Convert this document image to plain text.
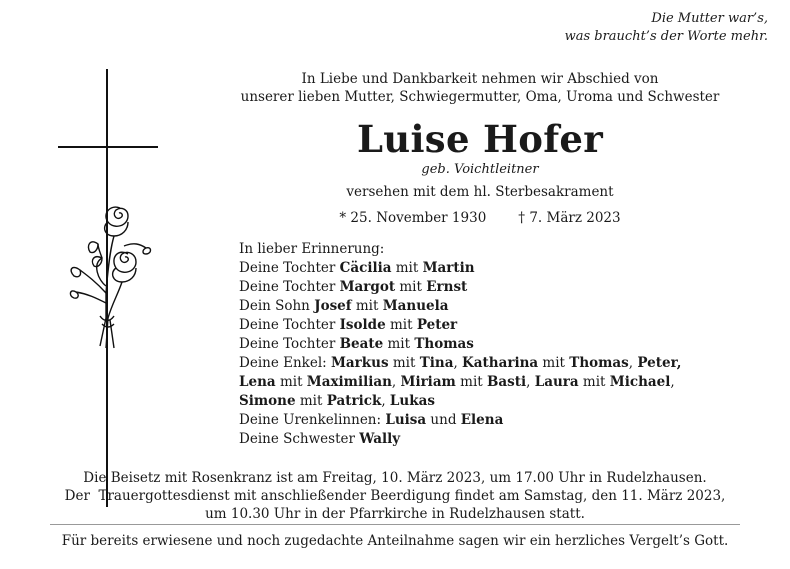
Die Mutter war’s,
was braucht’s der Worte mehr.
In Liebe und Dankbarkeit nehmen wir Abschied von
unserer lieben Mutter, Schwiegermutter, Oma, Uroma und Schwester
Luise Hofer
geb. Voichtleitner
versehen mit dem hl. Sterbesakrament
* 25. November 1930 † 7. März 2023
In lieber Erinnerung:
Deine Tochter Cäcilia mit Martin
Deine Tochter Margot mit Ernst
Dein Sohn Josef mit Manuela
Deine Tochter Isolde mit Peter
Deine Tochter Beate mit Thomas
Deine Enkel: Markus mit Tina, Katharina mit Thomas, Peter,
Lena mit Maximilian, Miriam mit Basti, Laura mit Michael,
Simone mit Patrick, Lukas
Deine Urenkelinnen: Luisa und Elena
Deine Schwester Wally
Die Beisetz mit Rosenkranz ist am Freitag, 10. März 2023, um 17.00 Uhr in Rudelzhausen.
Der  Trauergottesdienst mit anschließender Beerdigung findet am Samstag, den 11. März 2023,
um 10.30 Uhr in der Pfarrkirche in Rudelzhausen statt.
Für bereits erwiesene und noch zugedachte Anteilnahme sagen wir ein herzliches Vergelt’s Gott.
